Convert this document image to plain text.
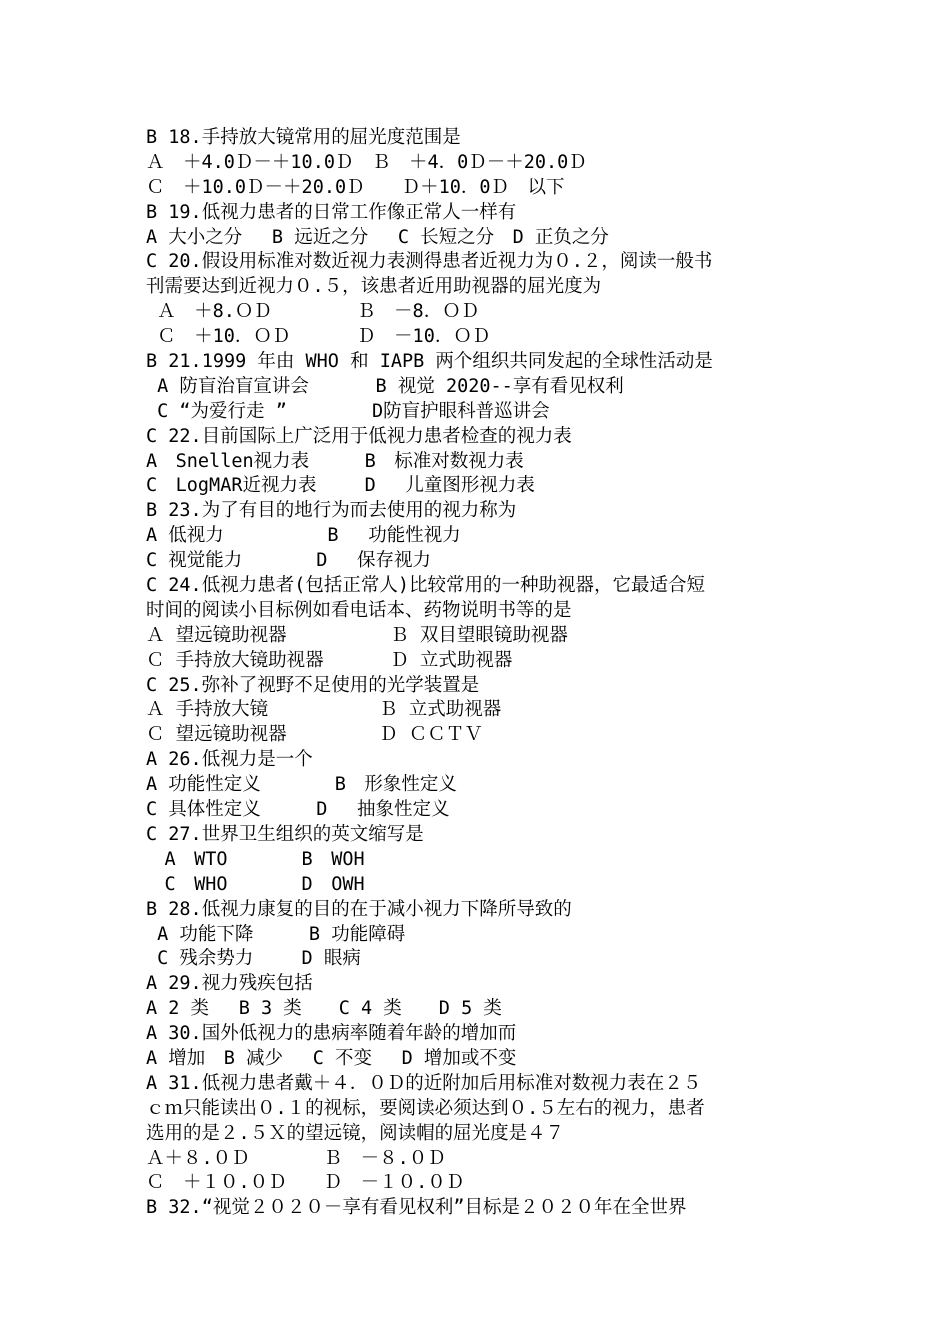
B 18.手持放大镜常用的屈光度范围是
Ａ　＋4.0Ｄ－＋10.0Ｄ　Ｂ　＋4．0Ｄ－＋20.0Ｄ
Ｃ　＋10.0Ｄ－＋20.0Ｄ　　Ｄ＋10．0Ｄ　以下
B 19.低视力患者的日常工作像正常人一样有
A 大小之分　 B 远近之分　 C 长短之分　D 正负之分
C 20.假设用标准对数近视力表测得患者近视力为０.２，阅读一般书
刊需要达到近视力０.５，该患者近用助视器的屈光度为
Ａ　＋8.ＯＤ　　　　 Ｂ　－8．ＯＤ
Ｃ　＋10．ＯＤ　　　 Ｄ　－10．ＯＤ
B 21.1999 年由 WHO 和 IAPB 两个组织共同发起的全球性活动是
A 防盲治盲宣讲会　　　 B 视觉 2020--享有看见权利
C “为爱行走 ”　　　　 D防盲护眼科普巡讲会
C 22.目前国际上广泛用于低视力患者检查的视力表
A　Snellen视力表　　　B　标准对数视力表
C　LogMAR近视力表　　 D　 儿童图形视力表
B 23.为了有目的地行为而去使用的视力称为
A 低视力　　　　　 B　 功能性视力
C 视觉能力　　　　D　 保存视力
C 24.低视力患者(包括正常人)比较常用的一种助视器，它最适合短
时间的阅读小目标例如看电话本、药物说明书等的是
Ａ 望远镜助视器　　　　　 Ｂ 双目望眼镜助视器
Ｃ 手持放大镜助视器　　　 Ｄ 立式助视器
C 25.弥补了视野不足使用的光学装置是
Ａ 手持放大镜　　　　　　Ｂ 立式助视器
Ｃ 望远镜助视器　　　　　Ｄ ＣＣＴＶ
A 26.低视力是一个
A 功能性定义　　　　B　形象性定义
C 具体性定义　　　D　 抽象性定义
C 27.世界卫生组织的英文缩写是
　A　WTO　　　　B　WOH
　C　WHO　　　　D　OWH
B 28.低视力康复的目的在于减小视力下降所导致的
A 功能下降　　　B 功能障碍
C 残余势力　　 D 眼病
A 29.视力残疾包括
A 2 类　 B 3 类　　C 4 类　　D 5 类
A 30.国外低视力的患病率随着年龄的增加而
A 增加　B 减少　 C 不变　 D 增加或不变
A 31.低视力患者戴＋４．０Ｄ的近附加后用标准对数视力表在２５
ｃｍ只能读出０.１的视标，要阅读必须达到０.５左右的视力，患者
选用的是２.５Ｘ的望远镜，阅读帽的屈光度是４７
Ａ＋８.０Ｄ　　　　Ｂ　－８.０Ｄ
Ｃ　＋１０.０Ｄ　　Ｄ　－１０.０Ｄ
B 32.“视觉２０２０－享有看见权利”目标是２０２０年在全世界
